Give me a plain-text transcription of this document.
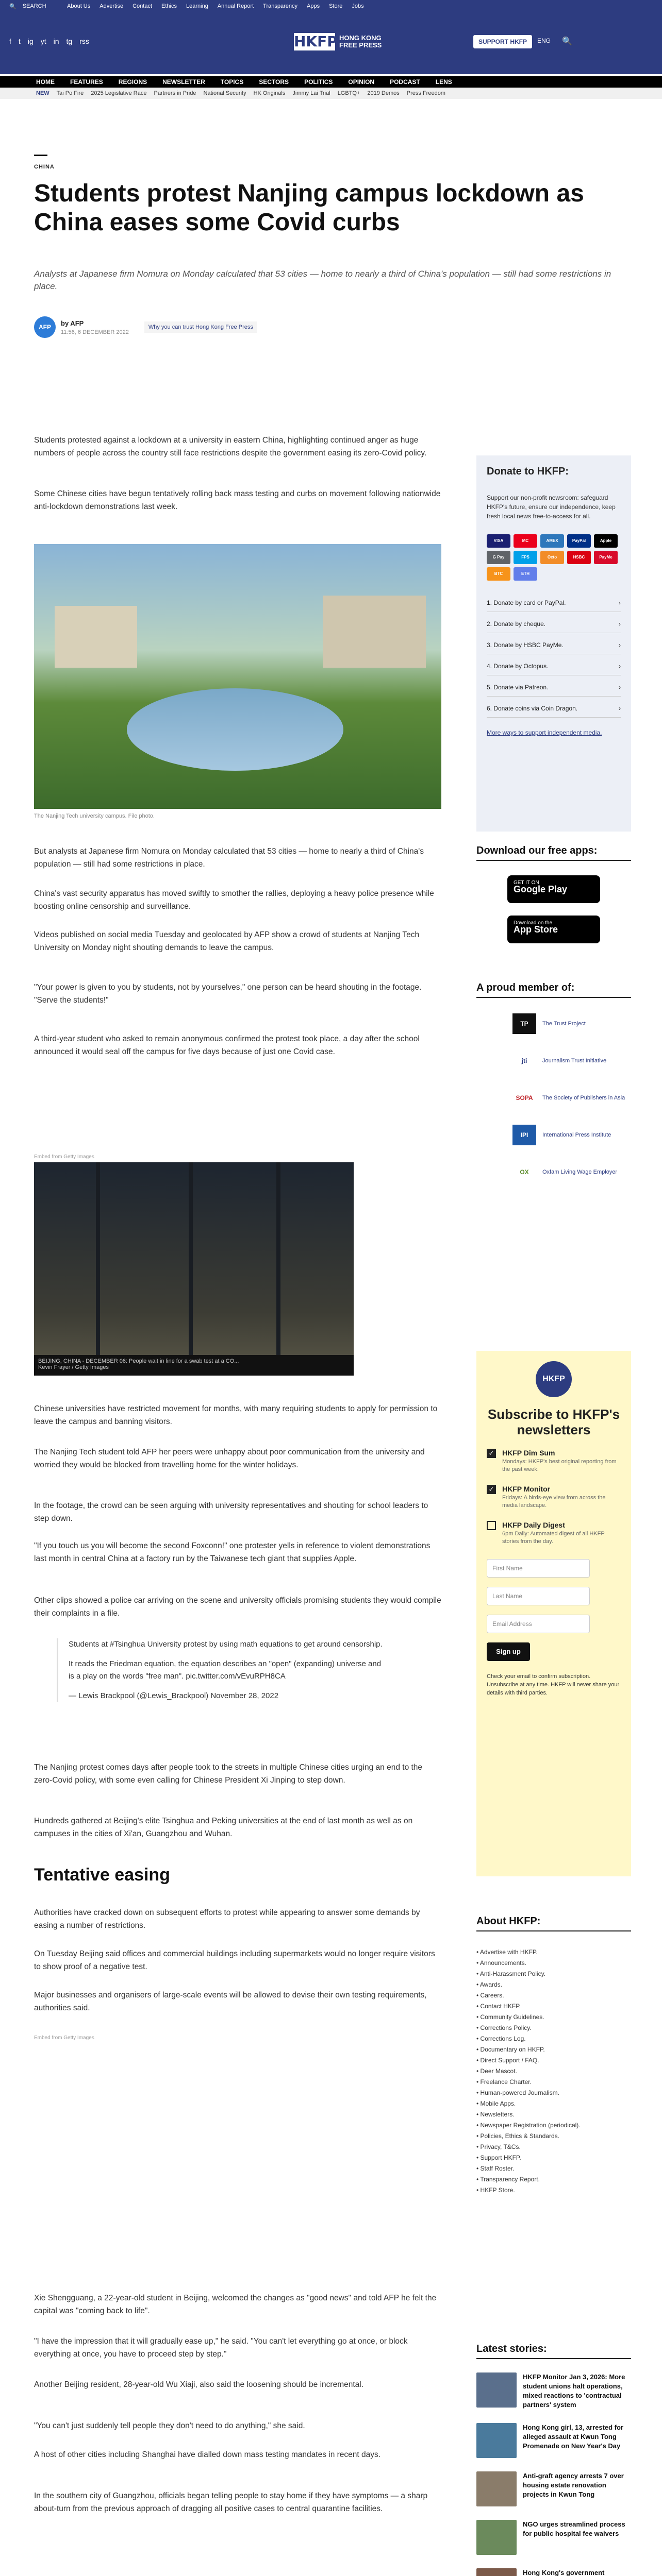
🔍 SEARCH	About Us Advertise Contact Ethics Learning Annual Report Transparency Apps Store Jobs
f t ig yt in tg rss	HKFP HONG KONG
FREE PRESS	SUPPORT HKFP	ENG 🔍
HOME	FEATURES	REGIONS	NEWSLETTER	TOPICS	SECTORS	POLITICS	OPINION	PODCAST	LENS
NEW Tai Po Fire 2025 Legislative Race Partners in Pride National Security HK Originals Jimmy Lai Trial LGBTQ+ 2019 Demos Press Freedom
CHINA
Students protest Nanjing campus lockdown as China eases some Covid curbs

Analysts at Japanese firm Nomura on Monday calculated that 53 cities — home to nearly a third of China's population — still had some restrictions in place.

AFP
by AFP
11:56, 6 DECEMBER 2022
Why you can trust Hong Kong Free Press

Students protested against a lockdown at a university in eastern China, highlighting continued anger as huge numbers of people across the country still face restrictions despite the government easing its zero-Covid policy.

Some Chinese cities have begun tentatively rolling back mass testing and curbs on movement following nationwide anti-lockdown demonstrations last week.

The Nanjing Tech university campus. File photo.

But analysts at Japanese firm Nomura on Monday calculated that 53 cities — home to nearly a third of China's population — still had some restrictions in place.

China's vast security apparatus has moved swiftly to smother the rallies, deploying a heavy police presence while boosting online censorship and surveillance.

Videos published on social media Tuesday and geolocated by AFP show a crowd of students at Nanjing Tech University on Monday night shouting demands to leave the campus.

"Your power is given to you by students, not by yourselves," one person can be heard shouting in the footage. "Serve the students!"

A third-year student who asked to remain anonymous confirmed the protest took place, a day after the school announced it would seal off the campus for five days because of just one Covid case.

Embed from Getty Images
BEIJING, CHINA - DECEMBER 06: People wait in line for a swab test at a CO...
Kevin Frayer / Getty Images

Chinese universities have restricted movement for months, with many requiring students to apply for permission to leave the campus and banning visitors.

The Nanjing Tech student told AFP her peers were unhappy about poor communication from the university and worried they would be blocked from travelling home for the winter holidays.

In the footage, the crowd can be seen arguing with university representatives and shouting for school leaders to step down.

"If you touch us you will become the second Foxconn!" one protester yells in reference to violent demonstrations last month in central China at a factory run by the Taiwanese tech giant that supplies Apple.

Other clips showed a police car arriving on the scene and university officials promising students they would compile their complaints in a file.

Students at #Tsinghua University protest by using math equations to get around censorship.

It reads the Friedman equation, the equation describes an "open" (expanding) universe and is a play on the words "free man". pic.twitter.com/vEvuRPH8CA

— Lewis Brackpool (@Lewis_Brackpool) November 28, 2022

The Nanjing protest comes days after people took to the streets in multiple Chinese cities urging an end to the zero-Covid policy, with some even calling for Chinese President Xi Jinping to step down.

Hundreds gathered at Beijing's elite Tsinghua and Peking universities at the end of last month as well as on campuses in the cities of Xi'an, Guangzhou and Wuhan.

Tentative easing

Authorities have cracked down on subsequent efforts to protest while appearing to answer some demands by easing a number of restrictions.

On Tuesday Beijing said offices and commercial buildings including supermarkets would no longer require visitors to show proof of a negative test.

Major businesses and organisers of large-scale events will be allowed to devise their own testing requirements, authorities said.

Embed from Getty Images

Xie Shengguang, a 22-year-old student in Beijing, welcomed the changes as "good news" and told AFP he felt the capital was "coming back to life".

"I have the impression that it will gradually ease up," he said. "You can't let everything go at once, or block everything at once, you have to proceed step by step."

Another Beijing resident, 28-year-old Wu Xiaji, also said the loosening should be incremental.

"You can't just suddenly tell people they don't need to do anything," she said.

A host of other cities including Shanghai have dialled down mass testing mandates in recent days.

In the southern city of Guangzhou, officials began telling people to stay home if they have symptoms — a sharp about-turn from the previous approach of dragging all positive cases to central quarantine facilities.

Donate to HKFP:

Support our non-profit newsroom: safeguard HKFP's future, ensure our independence, keep fresh local news free-to-access for all.

VISA	MC	AMEX	PayPal	Apple
G Pay	FPS	Octo	HSBC	PayMe
BTC	ETH
1. Donate by card or PayPal.	›
2. Donate by cheque.	›
3. Donate by HSBC PayMe.	›
4. Donate by Octopus.	›
5. Donate via Patreon.	›
6. Donate coins via Coin Dragon.	›
More ways to support independent media.
Download our free apps:
GET IT ON
Google Play
Download on the
App Store
A proud member of:
TP	The Trust Project
jti	Journalism Trust Initiative
SOPA	The Society of Publishers in Asia
IPI	International Press Institute
OX	Oxfam Living Wage Employer
HKFP
Subscribe to HKFP's newsletters
✓ HKFP Dim Sum
Mondays: HKFP's best original reporting from the past week.
✓ HKFP Monitor
Fridays: A birds-eye view from across the media landscape.
HKFP Daily Digest
6pm Daily: Automated digest of all HKFP stories from the day.
First Name
Last Name
Email Address
Sign up

Check your email to confirm subscription. Unsubscribe at any time. HKFP will never share your details with third parties.

About HKFP:
• Advertise with HKFP.
• Announcements.
• Anti-Harassment Policy.
• Awards.
• Careers.
• Contact HKFP.
• Community Guidelines.
• Corrections Policy.
• Corrections Log.
• Documentary on HKFP.
• Direct Support / FAQ.
• Deer Mascot.
• Freelance Charter.
• Human-powered Journalism.
• Mobile Apps.
• Newsletters.
• Newspaper Registration (periodical).
• Policies, Ethics & Standards.
• Privacy, T&Cs.
• Support HKFP.
• Staff Roster.
• Transparency Report.
• HKFP Store.
Latest stories:
HKFP Monitor Jan 3, 2026: More student unions halt operations, mixed reactions to 'contractual partners' system
Hong Kong girl, 13, arrested for alleged assault at Kwun Tong Promenade on New Year's Day
Anti-graft agency arrests 7 over housing estate renovation projects in Kwun Tong
NGO urges streamlined process for public hospital fee waivers
Hong Kong's government
